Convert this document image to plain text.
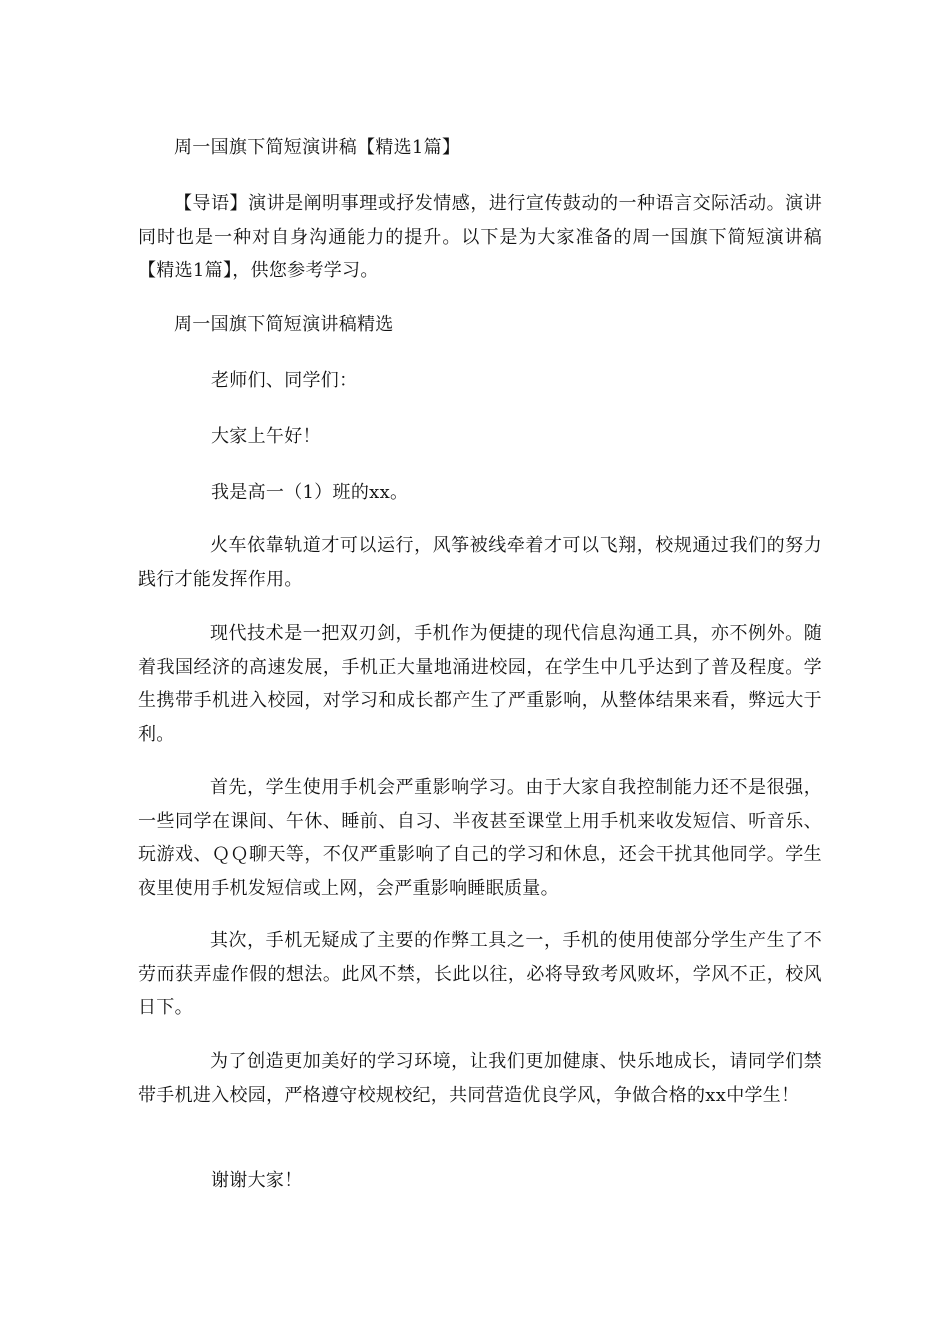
周一国旗下简短演讲稿【精选1篇】
【导语】演讲是阐明事理或抒发情感，进行宣传鼓动的一种语言交际活动。演讲同时也是一种对自身沟通能力的提升。以下是为大家准备的周一国旗下简短演讲稿【精选1篇】，供您参考学习。
周一国旗下简短演讲稿精选
老师们、同学们：
大家上午好！
我是高一（1）班的xx。
火车依靠轨道才可以运行，风筝被线牵着才可以飞翔，校规通过我们的努力践行才能发挥作用。
现代技术是一把双刃剑，手机作为便捷的现代信息沟通工具，亦不例外。随着我国经济的高速发展，手机正大量地涌进校园，在学生中几乎达到了普及程度。学生携带手机进入校园，对学习和成长都产生了严重影响，从整体结果来看，弊远大于利。
首先，学生使用手机会严重影响学习。由于大家自我控制能力还不是很强，一些同学在课间、午休、睡前、自习、半夜甚至课堂上用手机来收发短信、听音乐、玩游戏、ＱＱ聊天等，不仅严重影响了自己的学习和休息，还会干扰其他同学。学生夜里使用手机发短信或上网，会严重影响睡眠质量。
其次，手机无疑成了主要的作弊工具之一，手机的使用使部分学生产生了不劳而获弄虚作假的想法。此风不禁，长此以往，必将导致考风败坏，学风不正，校风日下。
为了创造更加美好的学习环境，让我们更加健康、快乐地成长，请同学们禁带手机进入校园，严格遵守校规校纪，共同营造优良学风，争做合格的xx中学生！
谢谢大家！
